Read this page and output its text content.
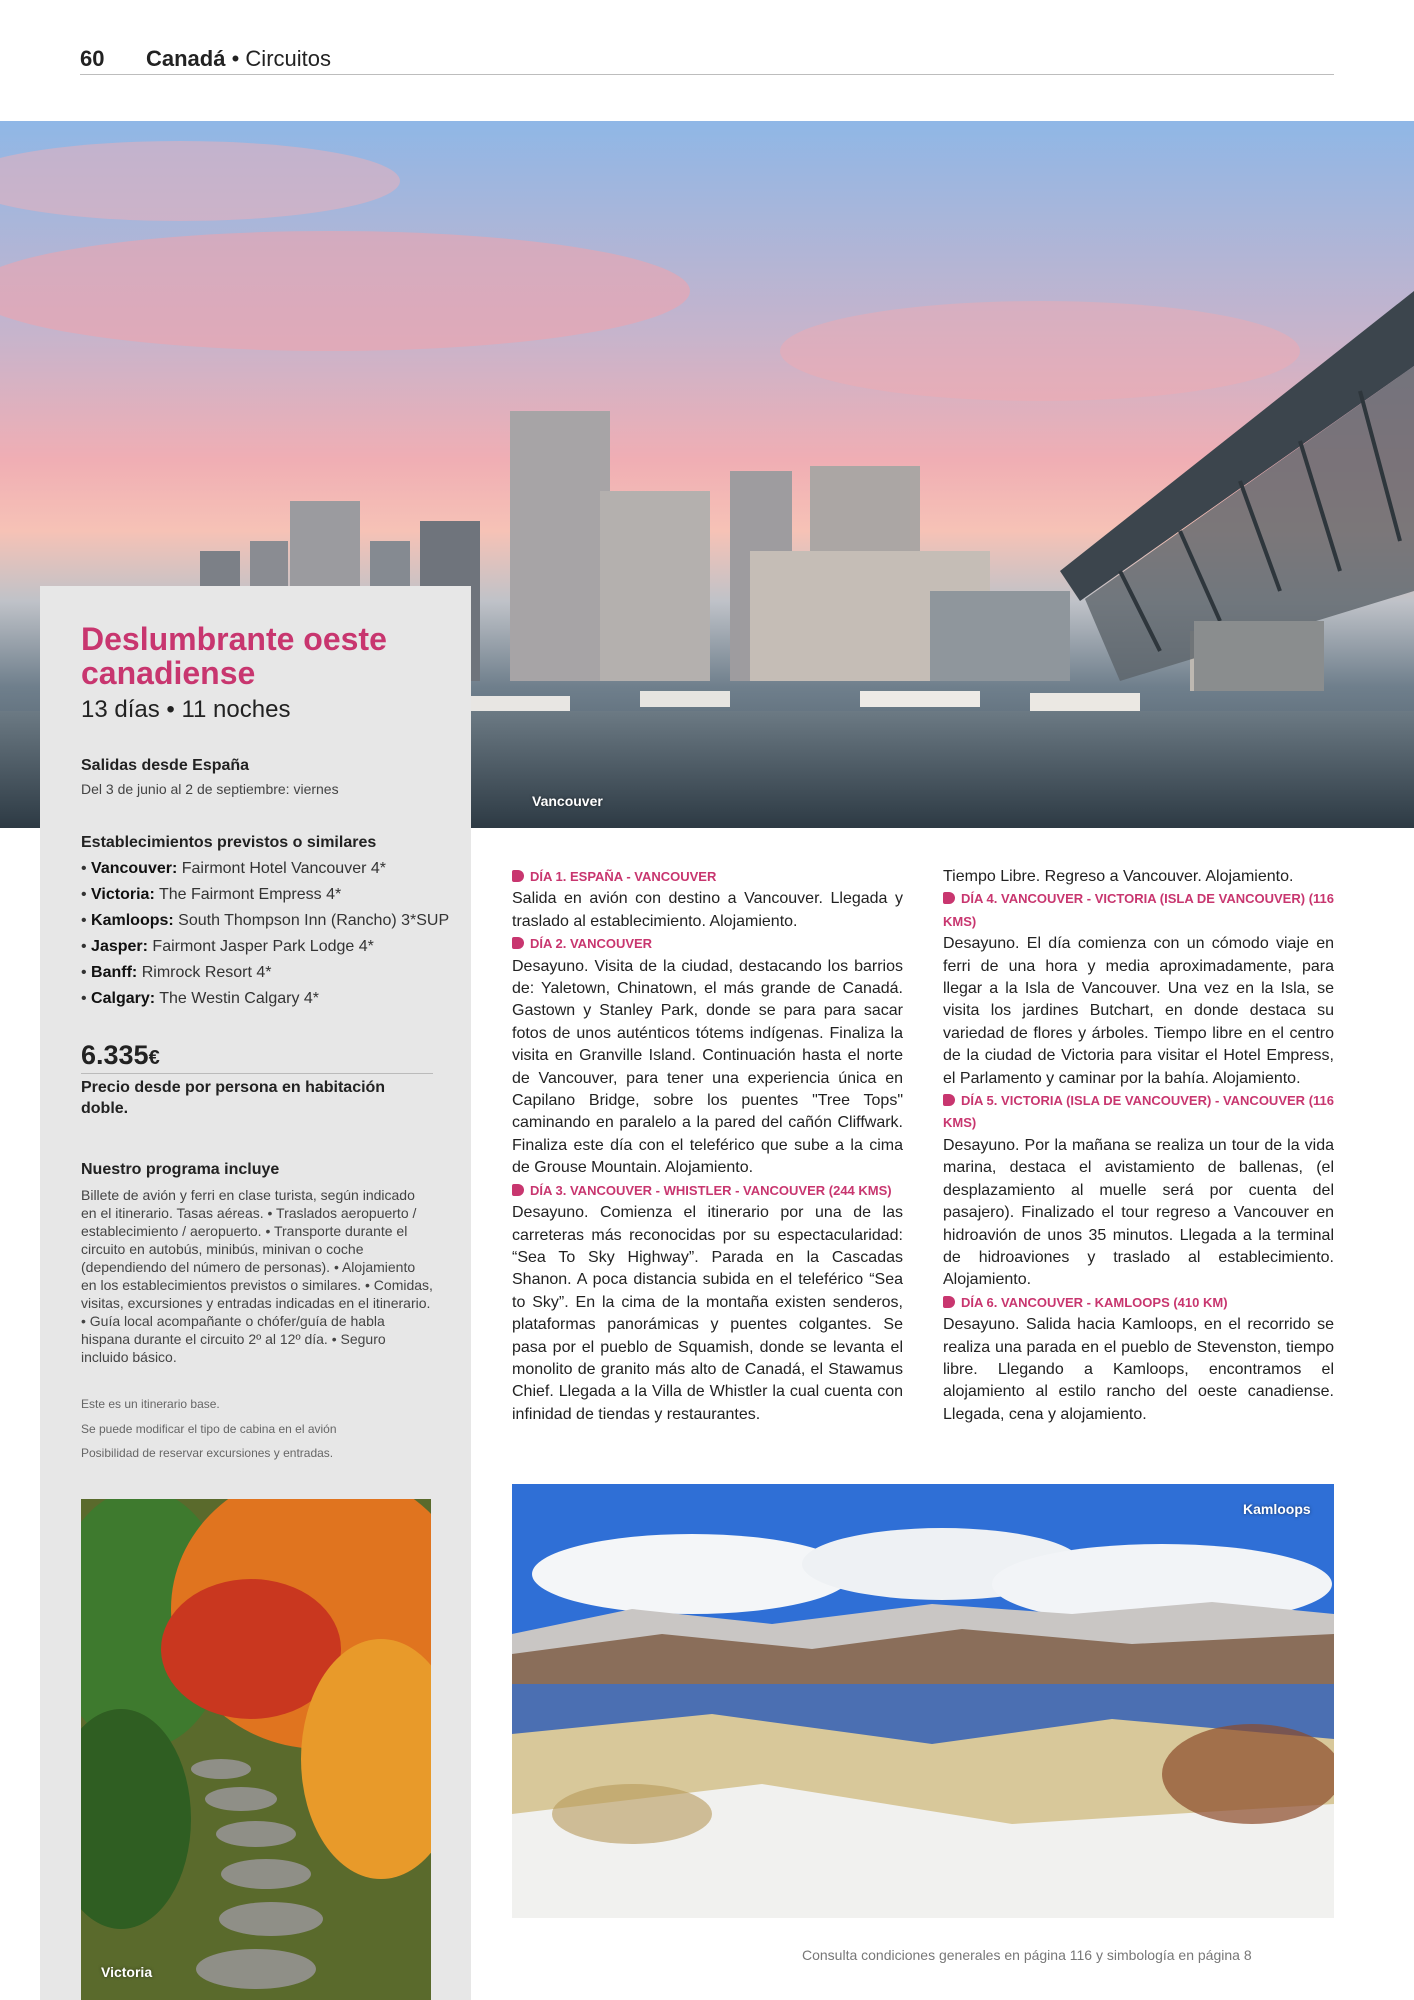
60 Canadá • Circuitos
Vancouver
Deslumbrante oeste canadiense
13 días • 11 noches
Salidas desde España
Del 3 de junio al 2 de septiembre: viernes
Establecimientos previstos o similares
• Vancouver: Fairmont Hotel Vancouver 4*
• Victoria: The Fairmont Empress 4*
• Kamloops: South Thompson Inn (Rancho) 3*SUP
• Jasper: Fairmont Jasper Park Lodge 4*
• Banff: Rimrock Resort 4*
• Calgary: The Westin Calgary 4*
6.335€
Precio desde por persona en habitación doble.
Nuestro programa incluye
Billete de avión y ferri en clase turista, según indicado en el itinerario. Tasas aéreas. • Traslados aeropuerto / establecimiento / aeropuerto. • Transporte durante el circuito en autobús, minibús, minivan o coche (dependiendo del número de personas). • Alojamiento en los establecimientos previstos o similares. • Comidas, visitas, excursiones y entradas indicadas en el itinerario. • Guía local acompañante o chófer/guía de habla hispana durante el circuito 2º al 12º día. • Seguro incluido básico.
Este es un itinerario base.
Se puede modificar el tipo de cabina en el avión
Posibilidad de reservar excursiones y entradas.
Victoria
DÍA 1. ESPAÑA - VANCOUVER

Salida en avión con destino a Vancouver. Llegada y traslado al establecimiento. Alojamiento.

DÍA 2. VANCOUVER

Desayuno. Visita de la ciudad, destacando los barrios de: Yaletown, Chinatown, el más grande de Canadá. Gastown y Stanley Park, donde se para para sacar fotos de unos auténticos tótems indígenas. Finaliza la visita en Granville Island. Continuación hasta el norte de Vancouver, para tener una experiencia única en Capilano Bridge, sobre los puentes "Tree Tops" caminando en paralelo a la pared del cañón Cliffwark. Finaliza este día con el teleférico que sube a la cima de Grouse Mountain. Alojamiento.

DÍA 3. VANCOUVER - WHISTLER - VANCOUVER (244 KMS)

Desayuno. Comienza el itinerario por una de las carreteras más reconocidas por su espectacularidad: “Sea To Sky Highway”. Parada en la Cascadas Shanon. A poca distancia subida en el teleférico “Sea to Sky”. En la cima de la montaña existen senderos, plataformas panorámicas y puentes colgantes. Se pasa por el pueblo de Squamish, donde se levanta el monolito de granito más alto de Canadá, el Stawamus Chief. Llegada a la Villa de Whistler la cual cuenta con infinidad de tiendas y restaurantes.

Tiempo Libre. Regreso a Vancouver. Alojamiento.

DÍA 4. VANCOUVER - VICTORIA (ISLA DE VANCOUVER) (116 KMS)

Desayuno. El día comienza con un cómodo viaje en ferri de una hora y media aproximadamente, para llegar a la Isla de Vancouver. Una vez en la Isla, se visita los jardines Butchart, en donde destaca su variedad de flores y árboles. Tiempo libre en el centro de la ciudad de Victoria para visitar el Hotel Empress, el Parlamento y caminar por la bahía. Alojamiento.

DÍA 5. VICTORIA (ISLA DE VANCOUVER) - VANCOUVER (116 KMS)

Desayuno. Por la mañana se realiza un tour de la vida marina, destaca el avistamiento de ballenas, (el desplazamiento al muelle será por cuenta del pasajero). Finalizado el tour regreso a Vancouver en hidroavión de unos 35 minutos. Llegada a la terminal de hidroaviones y traslado al establecimiento. Alojamiento.

DÍA 6. VANCOUVER - KAMLOOPS (410 KM)

Desayuno. Salida hacia Kamloops, en el recorrido se realiza una parada en el pueblo de Stevenston, tiempo libre. Llegando a Kamloops, encontramos el alojamiento al estilo rancho del oeste canadiense. Llegada, cena y alojamiento.

Kamloops
Consulta condiciones generales en página 116 y simbología en página 8
